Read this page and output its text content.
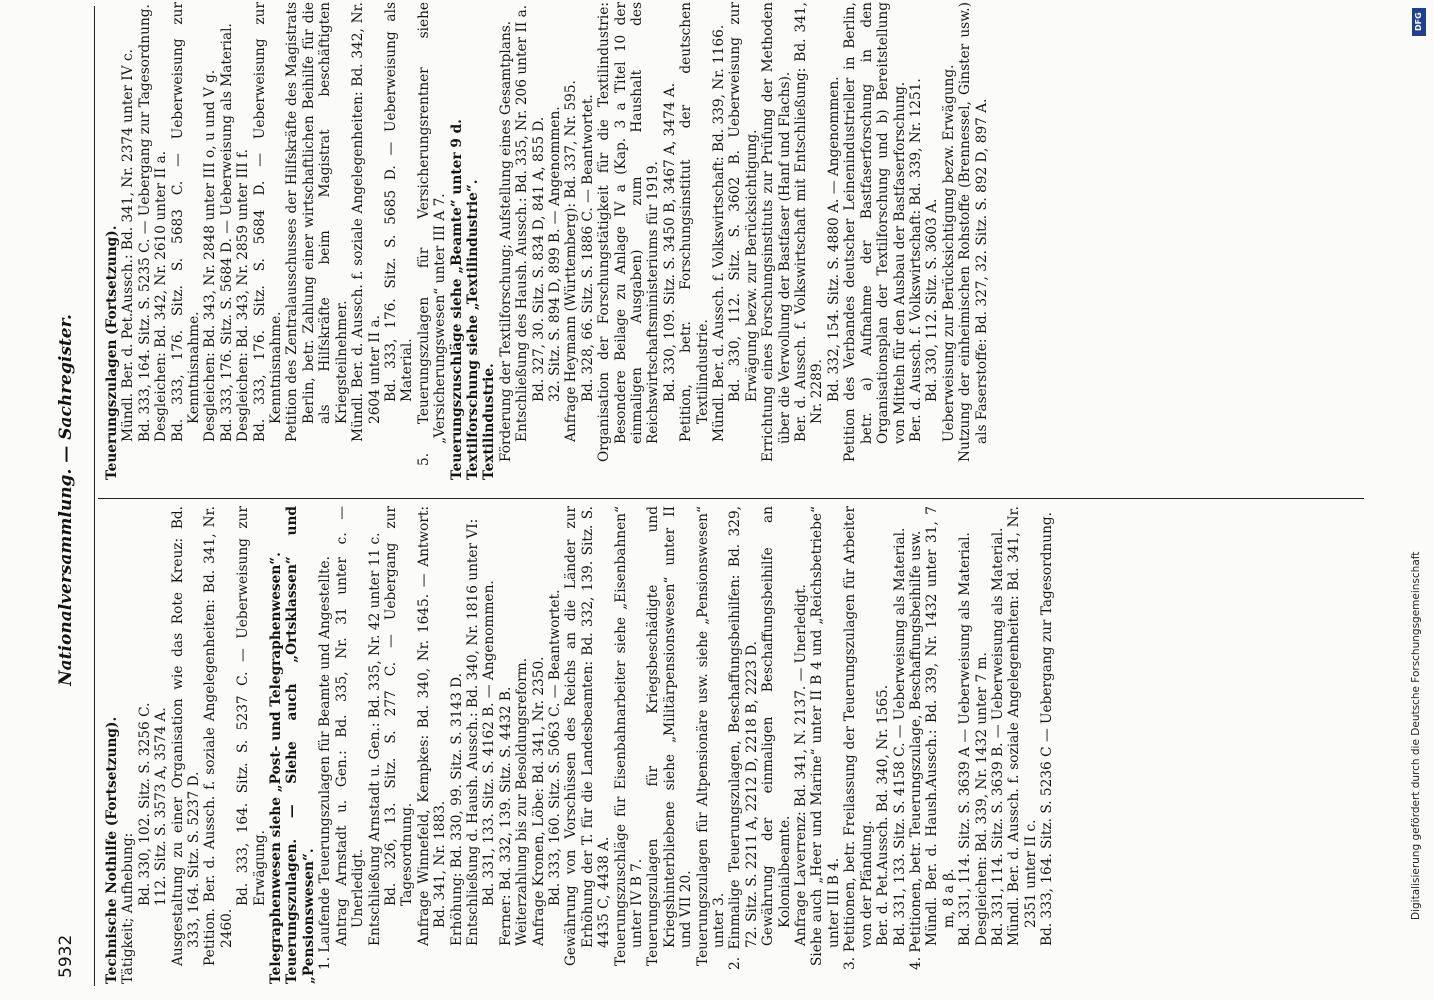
5932
Nationalversammlung. — Sachregister.

Technische Nothilfe (Fortsetzung). Tätigkeit; Aufhebung:

Bd. 330, 102. Sitz. S. 3256 C. 112. Sitz. S. 3573 A, 3574 A. Ausgestaltung zu einer Organisation wie das Rote Kreuz: Bd. 333, 164. Sitz. S. 5237 D. Petition. Ber. d. Aussch. f. soziale Angelegenheiten: Bd. 341, Nr. 2460.

Bd. 333, 164. Sitz. S. 5237 C. — Ueberweisung zur Erwägung. Telegraphenwesen siehe „Post- und Telegraphenwesen“. Teuerungszulagen. — Siehe auch „Ortsklassen“ und „Pensionswesen“. 1. Laufende Teuerungszulagen für Beamte und Angestellte. Antrag Arnstadt u. Gen.: Bd. 335, Nr. 31 unter c. — Unerledigt. Entschließung Arnstadt u. Gen.: Bd. 335, Nr. 42 unter 11 c. Bd. 326, 13. Sitz. S. 277 C. — Uebergang zur Tagesordnung. Anfrage Winnefeld, Kempkes: Bd. 340, Nr. 1645. — Antwort: Bd. 341, Nr. 1883. Erhöhung: Bd. 330, 99. Sitz. S. 3143 D. Entschließung d. Haush. Aussch.: Bd. 340, Nr. 1816 unter VI: Bd. 331, 133. Sitz. S. 4162 B. — Angenommen. Ferner: Bd. 332, 139. Sitz. S. 4432 B. Weiterzahlung bis zur Besoldungsreform. Anfrage Kronen, Löbe: Bd. 341, Nr. 2350. Bd. 333, 160. Sitz. S. 5063 C. — Beantwortet. Gewährung von Vorschüssen des Reichs an die Länder zur Erhöhung der T. für die Landesbeamten: Bd. 332, 139. Sitz. S. 4435 C, 4438 A. Teuerungszuschläge für Eisenbahnarbeiter siehe „Eisenbahnen“ unter IV B 7. Teuerungszulagen für Kriegsbeschädigte und Kriegshinterbliebene siehe „Militärpensionswesen“ unter II und VII 20. Teuerungszulagen für Altpensionäre usw. siehe „Pensionswesen“ unter 3. 2. Einmalige Teuerungszulagen, Beschaffungsbeihilfen: Bd. 329, 72. Sitz. S. 2211 A, 2212 D, 2218 B, 2223 D. Gewährung der einmaligen Beschaffungsbeihilfe an Kolonialbeamte. Anfrage Laverrenz: Bd. 341, N. 2137. — Unerledigt. Siehe auch „Heer und Marine“ unter II B 4 und „Reichsbetriebe“ unter III B 4. 3. Petitionen, betr. Freilassung der Teuerungszulagen für Arbeiter von der Pfändung. Ber. d. Pet.Aussch. Bd. 340, Nr. 1565. Bd. 331, 133. Sitz. S. 4158 C. — Ueberweisung als Material. 4. Petitionen, betr. Teuerungszulage, Beschaffungsbeihilfe usw. Mündl. Ber. d. Haush.Aussch.: Bd. 339, Nr. 1432 unter 31, 7 m, 8 a β. Bd. 331, 114. Sitz. S. 3639 A — Ueberweisung als Material. Desgleichen: Bd. 339, Nr. 1432 unter 7 m. Bd. 331, 114. Sitz. S. 3639 B. — Ueberweisung als Material. Mündl. Ber. d. Aussch. f. soziale Angelegenheiten: Bd. 341, Nr. 2351 unter II c. Bd. 333, 164. Sitz. S. 5236 C — Uebergang zur Tagesordnung.

Teuerungszulagen (Fortsetzung). Mündl. Ber. d. Pet.Aussch.: Bd. 341, Nr. 2374 unter IV c. Bd. 333, 164. Sitz. S. 5235 C. — Uebergang zur Tagesordnung. Desgleichen: Bd. 342, Nr. 2610 unter II a. Bd. 333, 176. Sitz. S. 5683 C. — Ueberweisung zur Kenntnisnahme. Desgleichen: Bd. 343, Nr. 2848 unter III o, u und V g. Bd. 333, 176. Sitz. S. 5684 D. — Ueberweisung als Material. Desgleichen: Bd. 343, Nr. 2859 unter III f. Bd. 333, 176. Sitz. S. 5684 D. — Ueberweisung zur Kenntnisnahme. Petition des Zentralausschusses der Hilfskräfte des Magistrats Berlin, betr. Zahlung einer wirtschaftlichen Beihilfe für die als Hilfskräfte beim Magistrat beschäftigten Kriegsteilnehmer. Mündl. Ber. d. Aussch. f. soziale Angelegenheiten: Bd. 342, Nr. 2604 unter II a. Bd. 333, 176. Sitz. S. 5685 D. — Ueberweisung als Material. 5. Teuerungszulagen für Versicherungsrentner siehe „Versicherungswesen“ unter III A 7. Teuerungszuschläge siehe „Beamte“ unter 9 d. Textilforschung siehe „Textilindustrie“. Textilindustrie. Förderung der Textilforschung; Aufstellung eines Gesamtplans. Entschließung des Haush. Aussch.: Bd. 335, Nr. 206 unter II a. Bd. 327, 30. Sitz. S. 834 D, 841 A, 855 D. 32. Sitz. S. 894 D, 899 B. — Angenommen. Anfrage Heymann (Württemberg): Bd. 337, Nr. 595. Bd. 328, 66. Sitz. S. 1886 C. — Beantwortet. Organisation der Forschungstätigkeit für die Textilindustrie: Besondere Beilage zu Anlage IV a (Kap. 3 a Titel 10 der einmaligen Ausgaben) zum Haushalt des Reichswirtschaftsministeriums für 1919. Bd. 330, 109. Sitz. S. 3450 B, 3467 A, 3474 A. Petition, betr. Forschungsinstitut der deutschen Textilindustrie. Mündl. Ber. d. Aussch. f. Volkswirtschaft: Bd. 339, Nr. 1166. Bd. 330, 112. Sitz. S. 3602 B. Ueberweisung zur Erwägung bezw. zur Berücksichtigung. Errichtung eines Forschungsinstituts zur Prüfung der Methoden über die Verwollung der Bastfaser (Hanf und Flachs). Ber. d. Aussch. f. Volkswirtschaft mit Entschließung: Bd. 341, Nr. 2289. Bd. 332, 154. Sitz. S. 4880 A. — Angenommen. Petition des Verbandes deutscher Leinenindustrieller in Berlin, betr. a) Aufnahme der Bastfaserforschung in den Organisationsplan der Textilforschung und b) Bereitstellung von Mitteln für den Ausbau der Bastfaserforschung. Ber. d. Aussch. f. Volkswirtschaft: Bd. 339, Nr. 1251. Bd. 330, 112. Sitz. S. 3603 A. Ueberweisung zur Berücksichtigung bezw. Erwägung. Nutzung der einheimischen Rohstoffe (Brennessel, Ginster usw.) als Faserstoffe: Bd. 327, 32. Sitz. S. 892 D, 897 A.

DFG
Digitalisierung gefördert durch die Deutsche Forschungsgemeinschaft
